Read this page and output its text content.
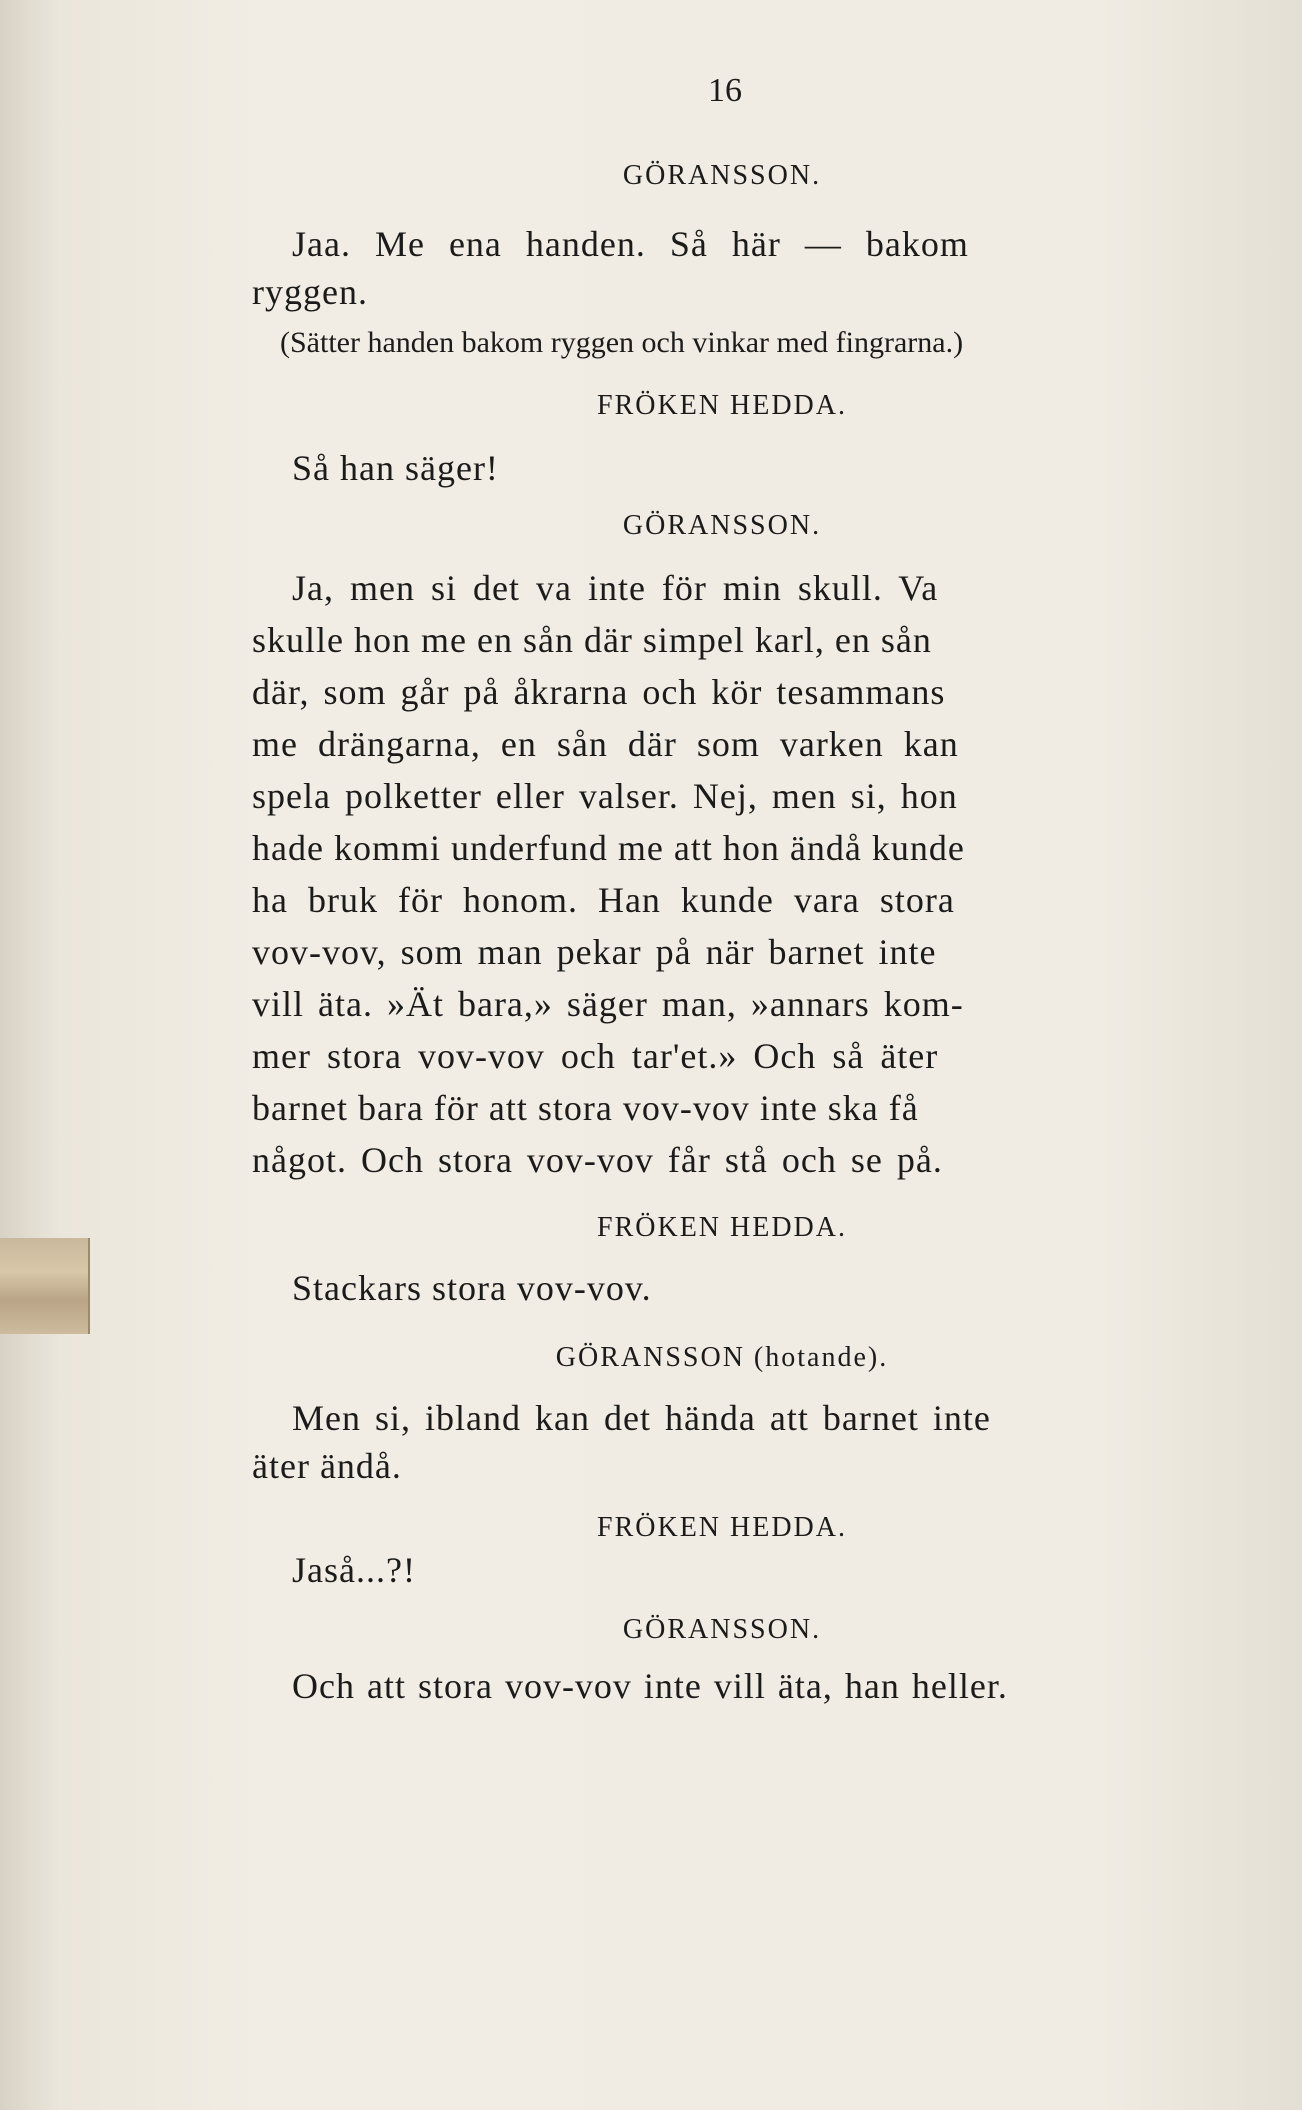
16
GÖRANSSON.
Jaa. Me ena handen. Så här — bakom
ryggen.
(Sätter handen bakom ryggen och vinkar med fingrarna.)
FRÖKEN HEDDA.
Så han säger!
GÖRANSSON.
Ja, men si det va inte för min skull. Va
skulle hon me en sån där simpel karl, en sån
där, som går på åkrarna och kör tesammans
me drängarna, en sån där som varken kan
spela polketter eller valser. Nej, men si, hon
hade kommi underfund me att hon ändå kunde
ha bruk för honom. Han kunde vara stora
vov-vov, som man pekar på när barnet inte
vill äta. »Ät bara,» säger man, »annars kom-
mer stora vov-vov och tar'et.» Och så äter
barnet bara för att stora vov-vov inte ska få
något. Och stora vov-vov får stå och se på.
FRÖKEN HEDDA.
Stackars stora vov-vov.
GÖRANSSON (hotande).
Men si, ibland kan det hända att barnet inte
äter ändå.
FRÖKEN HEDDA.
Jaså...?!
GÖRANSSON.
Och att stora vov-vov inte vill äta, han heller.
